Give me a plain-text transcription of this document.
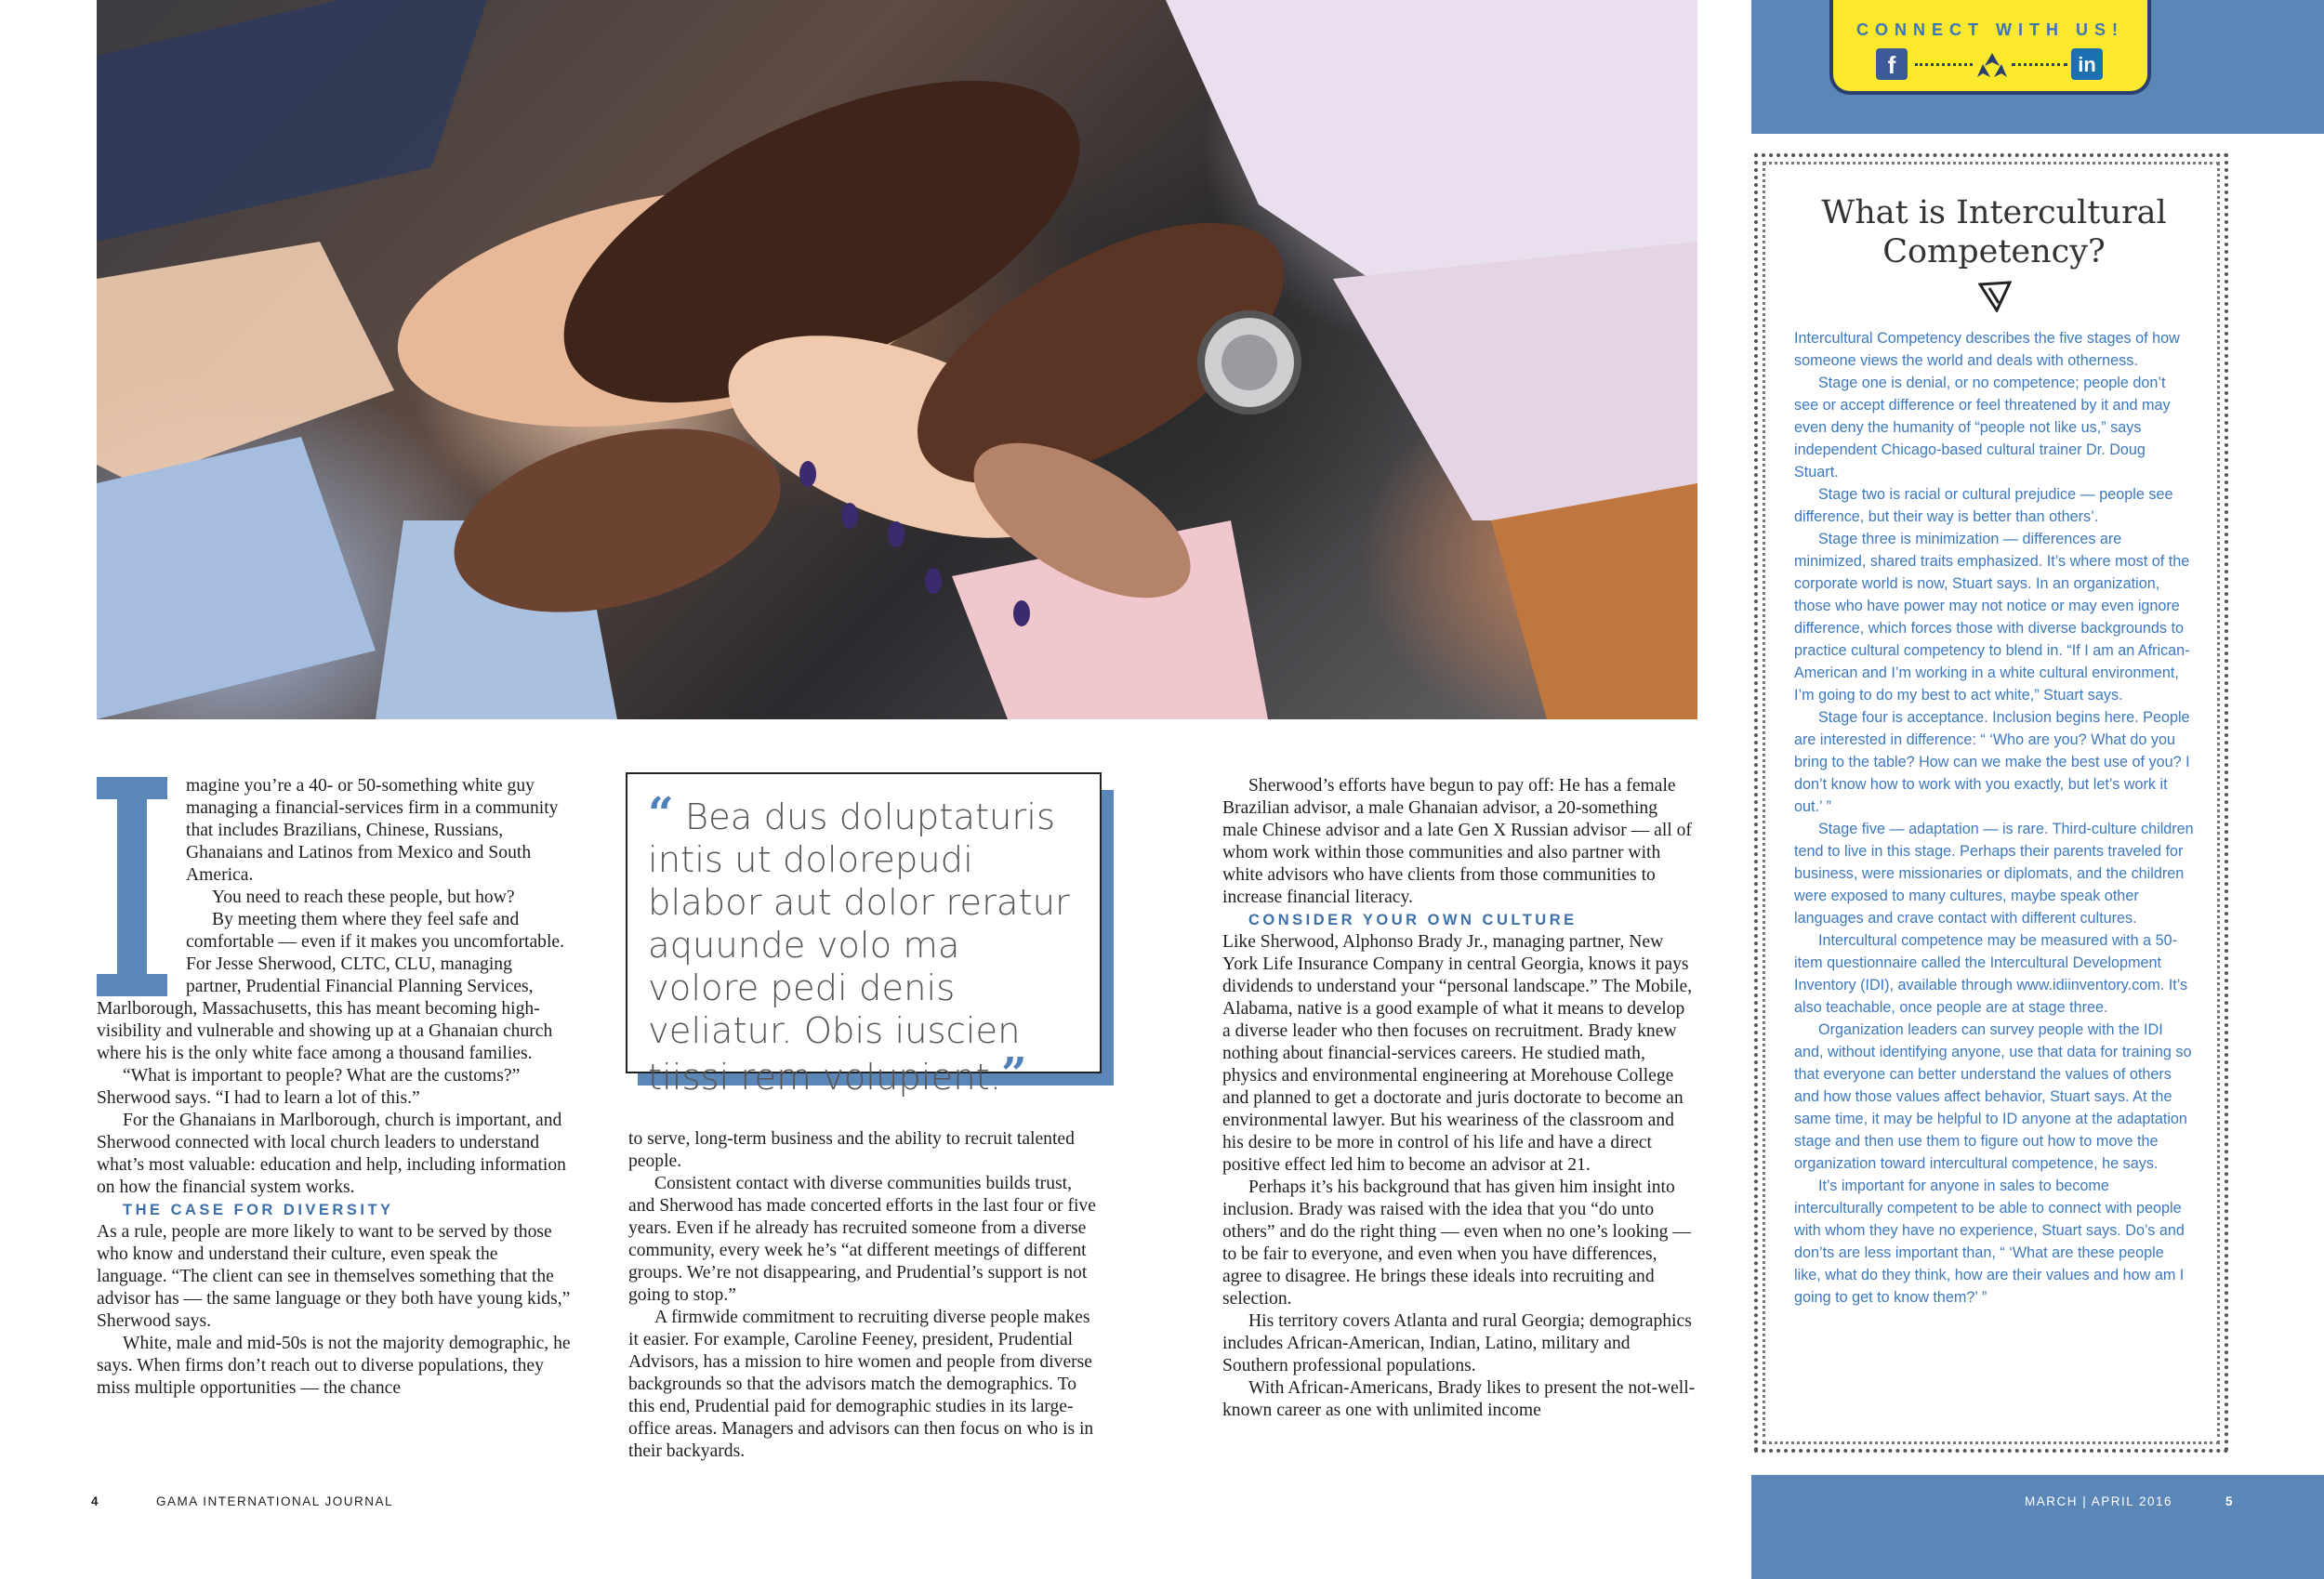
CONNECT WITH US!
f	in
What is Intercultural Competency?

Intercultural Competency describes the five stages of how someone views the world and deals with otherness.

Stage one is denial, or no competence; people don’t see or accept difference or feel threatened by it and may even deny the humanity of “people not like us,” says independent Chicago-based cultural trainer Dr. Doug Stuart.

Stage two is racial or cultural prejudice — people see difference, but their way is better than others’.

Stage three is minimization — differences are minimized, shared traits emphasized. It’s where most of the corporate world is now, Stuart says. In an organization, those who have power may not notice or may even ignore difference, which forces those with diverse backgrounds to practice cultural competency to blend in. “If I am an African-American and I’m working in a white cultural environment, I’m going to do my best to act white,” Stuart says.

Stage four is acceptance. Inclusion begins here. People are interested in difference: “ ‘Who are you? What do you bring to the table? How can we make the best use of you? I don’t know how to work with you exactly, but let’s work it out.’ ”

Stage five — adaptation — is rare. Third-culture children tend to live in this stage. Perhaps their parents traveled for business, were missionaries or diplomats, and the children were exposed to many cultures, maybe speak other languages and crave contact with different cultures.

Intercultural competence may be measured with a 50-item questionnaire called the Intercultural Development Inventory (IDI), available through www.idiinventory.com. It’s also teachable, once people are at stage three.

Organization leaders can survey people with the IDI and, without identifying anyone, use that data for training so that everyone can better understand the values of others and how those values affect behavior, Stuart says. At the same time, it may be helpful to ID anyone at the adaptation stage and then use them to figure out how to move the organization toward intercultural competence, he says.

It’s important for anyone in sales to become interculturally competent to be able to connect with people with whom they have no experience, Stuart says. Do’s and don’ts are less important than, “ ‘What are these people like, what do they think, how are their values and how am I going to get to know them?’ ”

magine you’re a 40- or 50-something white guy managing a financial-services firm in a community that includes Brazilians, Chinese, Russians, Ghanaians and Latinos from Mexico and South America.

You need to reach these people, but how?

By meeting them where they feel safe and comfortable — even if it makes you uncomfortable. For Jesse Sherwood, CLTC, CLU, managing partner, Prudential Financial Planning Services, Marlborough, Massachusetts, this has meant becoming high-visibility and vulnerable and showing up at a Ghanaian church where his is the only white face among a thousand families.

“What is important to people? What are the customs?” Sherwood says. “I had to learn a lot of this.”

For the Ghanaians in Marlborough, church is important, and Sherwood connected with local church leaders to understand what’s most valuable: education and help, including information on how the financial system works.

THE CASE FOR DIVERSITY

As a rule, people are more likely to want to be served by those who know and understand their culture, even speak the language. “The client can see in themselves something that the advisor has — the same language or they both have young kids,” Sherwood says.

White, male and mid-50s is not the majority demographic, he says. When firms don’t reach out to diverse populations, they miss multiple opportunities — the chance

“ Bea dus doluptaturis intis ut dolorepudi blabor aut dolor reratur aquunde volo ma volore pedi denis veliatur. Obis iuscien tiissi rem volupient.”

to serve, long-term business and the ability to recruit talented people.

Consistent contact with diverse communities builds trust, and Sherwood has made concerted efforts in the last four or five years. Even if he already has recruited someone from a diverse community, every week he’s “at different meetings of different groups. We’re not disappearing, and Prudential’s support is not going to stop.”

A firmwide commitment to recruiting diverse people makes it easier. For example, Caroline Feeney, president, Prudential Advisors, has a mission to hire women and people from diverse backgrounds so that the advisors match the demographics. To this end, Prudential paid for demographic studies in its large-office areas. Managers and advisors can then focus on who is in their backyards.

Sherwood’s efforts have begun to pay off: He has a female Brazilian advisor, a male Ghanaian advisor, a 20-something male Chinese advisor and a late Gen X Russian advisor — all of whom work within those communities and also partner with white advisors who have clients from those communities to increase financial literacy.

CONSIDER YOUR OWN CULTURE

Like Sherwood, Alphonso Brady Jr., managing partner, New York Life Insurance Company in central Georgia, knows it pays dividends to understand your “personal landscape.” The Mobile, Alabama, native is a good example of what it means to develop a diverse leader who then focuses on recruitment. Brady knew nothing about financial-services careers. He studied math, physics and environmental engineering at Morehouse College and planned to get a doctorate and juris doctorate to become an environmental lawyer. But his weariness of the classroom and his desire to be more in control of his life and have a direct positive effect led him to become an advisor at 21.

Perhaps it’s his background that has given him insight into inclusion. Brady was raised with the idea that you “do unto others” and do the right thing — even when no one’s looking — to be fair to everyone, and even when you have differences, agree to disagree. He brings these ideals into recruiting and selection.

His territory covers Atlanta and rural Georgia; demographics includes African-American, Indian, Latino, military and Southern professional populations.

With African-Americans, Brady likes to present the not-well-known career as one with unlimited income

4	GAMA INTERNATIONAL JOURNAL	MARCH | APRIL 2016	5
